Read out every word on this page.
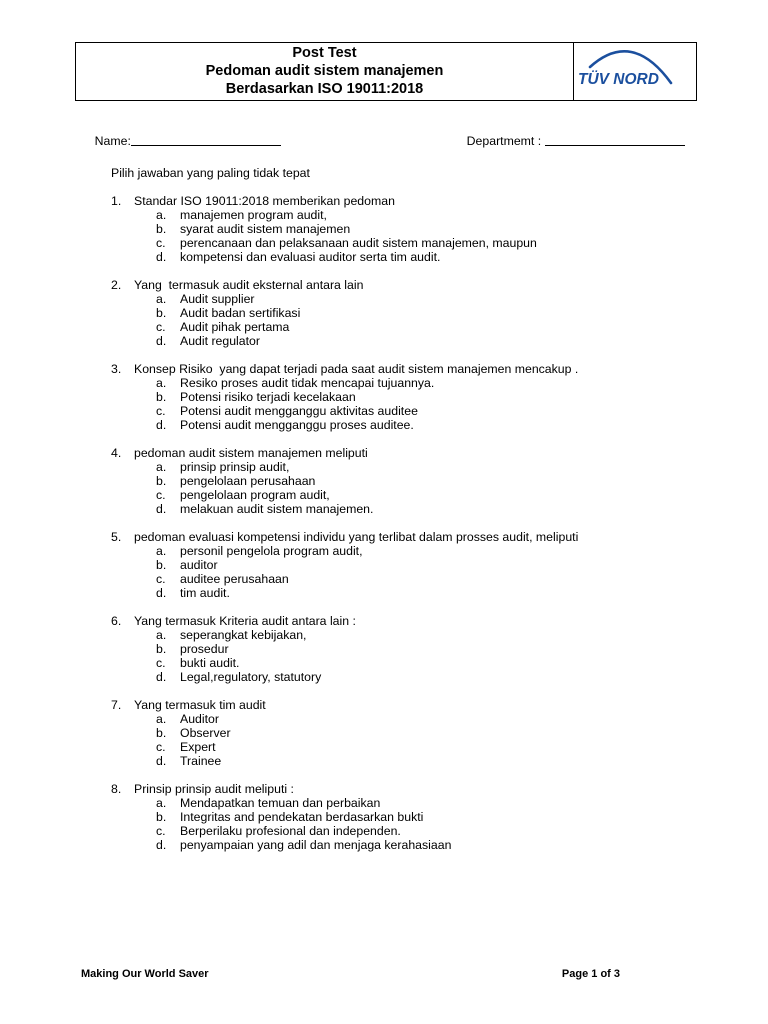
Post Test
Pedoman audit sistem manajemen
Berdasarkan ISO 19011:2018
TÜV NORD

Name:
	Departmemt :

Pilih jawaban yang paling tidak tepat
1. Standar ISO 19011:2018 memberikan pedoman
a. manajemen program audit,
b. syarat audit sistem manajemen
c. perencanaan dan pelaksanaan audit sistem manajemen, maupun
d. kompetensi dan evaluasi auditor serta tim audit.
2. Yang  termasuk audit eksternal antara lain
a. Audit supplier
b. Audit badan sertifikasi
c. Audit pihak pertama
d. Audit regulator
3. Konsep Risiko  yang dapat terjadi pada saat audit sistem manajemen mencakup .
a. Resiko proses audit tidak mencapai tujuannya.
b. Potensi risiko terjadi kecelakaan
c. Potensi audit mengganggu aktivitas auditee
d. Potensi audit mengganggu proses auditee.
4. pedoman audit sistem manajemen meliputi
a. prinsip prinsip audit,
b. pengelolaan perusahaan
c. pengelolaan program audit,
d. melakuan audit sistem manajemen.
5. pedoman evaluasi kompetensi individu yang terlibat dalam prosses audit, meliputi
a. personil pengelola program audit,
b. auditor
c. auditee perusahaan
d. tim audit.
6. Yang termasuk Kriteria audit antara lain :
a. seperangkat kebijakan,
b. prosedur
c. bukti audit.
d. Legal,regulatory, statutory
7. Yang termasuk tim audit
a. Auditor
b. Observer
c. Expert
d. Trainee
8. Prinsip prinsip audit meliputi :
a. Mendapatkan temuan dan perbaikan
b. Integritas and pendekatan berdasarkan bukti
c. Berperilaku profesional dan independen.
d. penyampaian yang adil dan menjaga kerahasiaan
Making Our World Saver	Page 1 of 3
